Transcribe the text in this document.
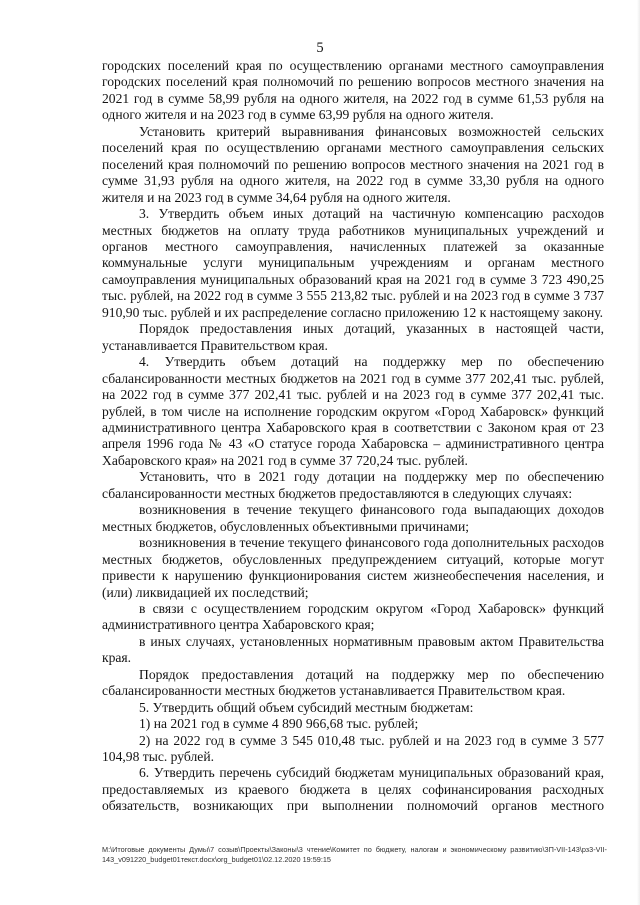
5

городских поселений края по осуществлению органами местного самоуправления городских поселений края полномочий по решению вопросов местного значения на 2021 год в сумме 58,99 рубля на одного жителя, на 2022 год в сумме 61,53 рубля на одного жителя и на 2023 год в сумме 63,99 рубля на одного жителя.

Установить критерий выравнивания финансовых возможностей сельских поселений края по осуществлению органами местного самоуправления сельских поселений края полномочий по решению вопросов местного значения на 2021 год в сумме 31,93 рубля на одного жителя, на 2022 год в сумме 33,30 рубля на одного жителя и на 2023 год в сумме 34,64 рубля на одного жителя.

3. Утвердить объем иных дотаций на частичную компенсацию расходов местных бюджетов на оплату труда работников муниципальных учреждений и органов местного самоуправления, начисленных платежей за оказанные коммунальные услуги муниципальным учреждениям и органам местного самоуправления муниципальных образований края на 2021 год в сумме 3 723 490,25 тыс. рублей, на 2022 год в сумме 3 555 213,82 тыс. рублей и на 2023 год в сумме 3 737 910,90 тыс. рублей и их распределение согласно приложению 12 к настоящему закону.

Порядок предоставления иных дотаций, указанных в настоящей части, устанавливается Правительством края.

4. Утвердить объем дотаций на поддержку мер по обеспечению сбалансированности местных бюджетов на 2021 год в сумме 377 202,41 тыс. рублей, на 2022 год в сумме 377 202,41 тыс. рублей и на 2023 год в сумме 377 202,41 тыс. рублей, в том числе на исполнение городским округом «Город Хабаровск» функций административного центра Хабаровского края в соответствии с Законом края от 23 апреля 1996 года № 43 «О статусе города Хабаровска – административного центра Хабаровского края» на 2021 год в сумме 37 720,24 тыс. рублей.

Установить, что в 2021 году дотации на поддержку мер по обеспечению сбалансированности местных бюджетов предоставляются в следующих случаях:

возникновения в течение текущего финансового года выпадающих доходов местных бюджетов, обусловленных объективными причинами;

возникновения в течение текущего финансового года дополнительных расходов местных бюджетов, обусловленных предупреждением ситуаций, которые могут привести к нарушению функционирования систем жизнеобеспечения населения, и (или) ликвидацией их последствий;

в связи с осуществлением городским округом «Город Хабаровск» функций административного центра Хабаровского края;

в иных случаях, установленных нормативным правовым актом Правительства края.

Порядок предоставления дотаций на поддержку мер по обеспечению сбалансированности местных бюджетов устанавливается Правительством края.

5. Утвердить общий объем субсидий местным бюджетам:

1) на 2021 год в сумме 4 890 966,68 тыс. рублей;

2) на 2022 год в сумме 3 545 010,48 тыс. рублей и на 2023 год в сумме 3 577 104,98 тыс. рублей.

6. Утвердить перечень субсидий бюджетам муниципальных образований края, предоставляемых из краевого бюджета в целях софинансирования расходных обязательств, возникающих при выполнении полномочий органов местного

M:\Итоговые документы Думы\7 созыв\Проекты\Законы\3 чтение\Комитет по бюджету, налогам и экономическому развитию\3П-VII-143\рз3-VII-143_v091220_budget01текст.docx\org_budget01\02.12.2020 19:59:15
